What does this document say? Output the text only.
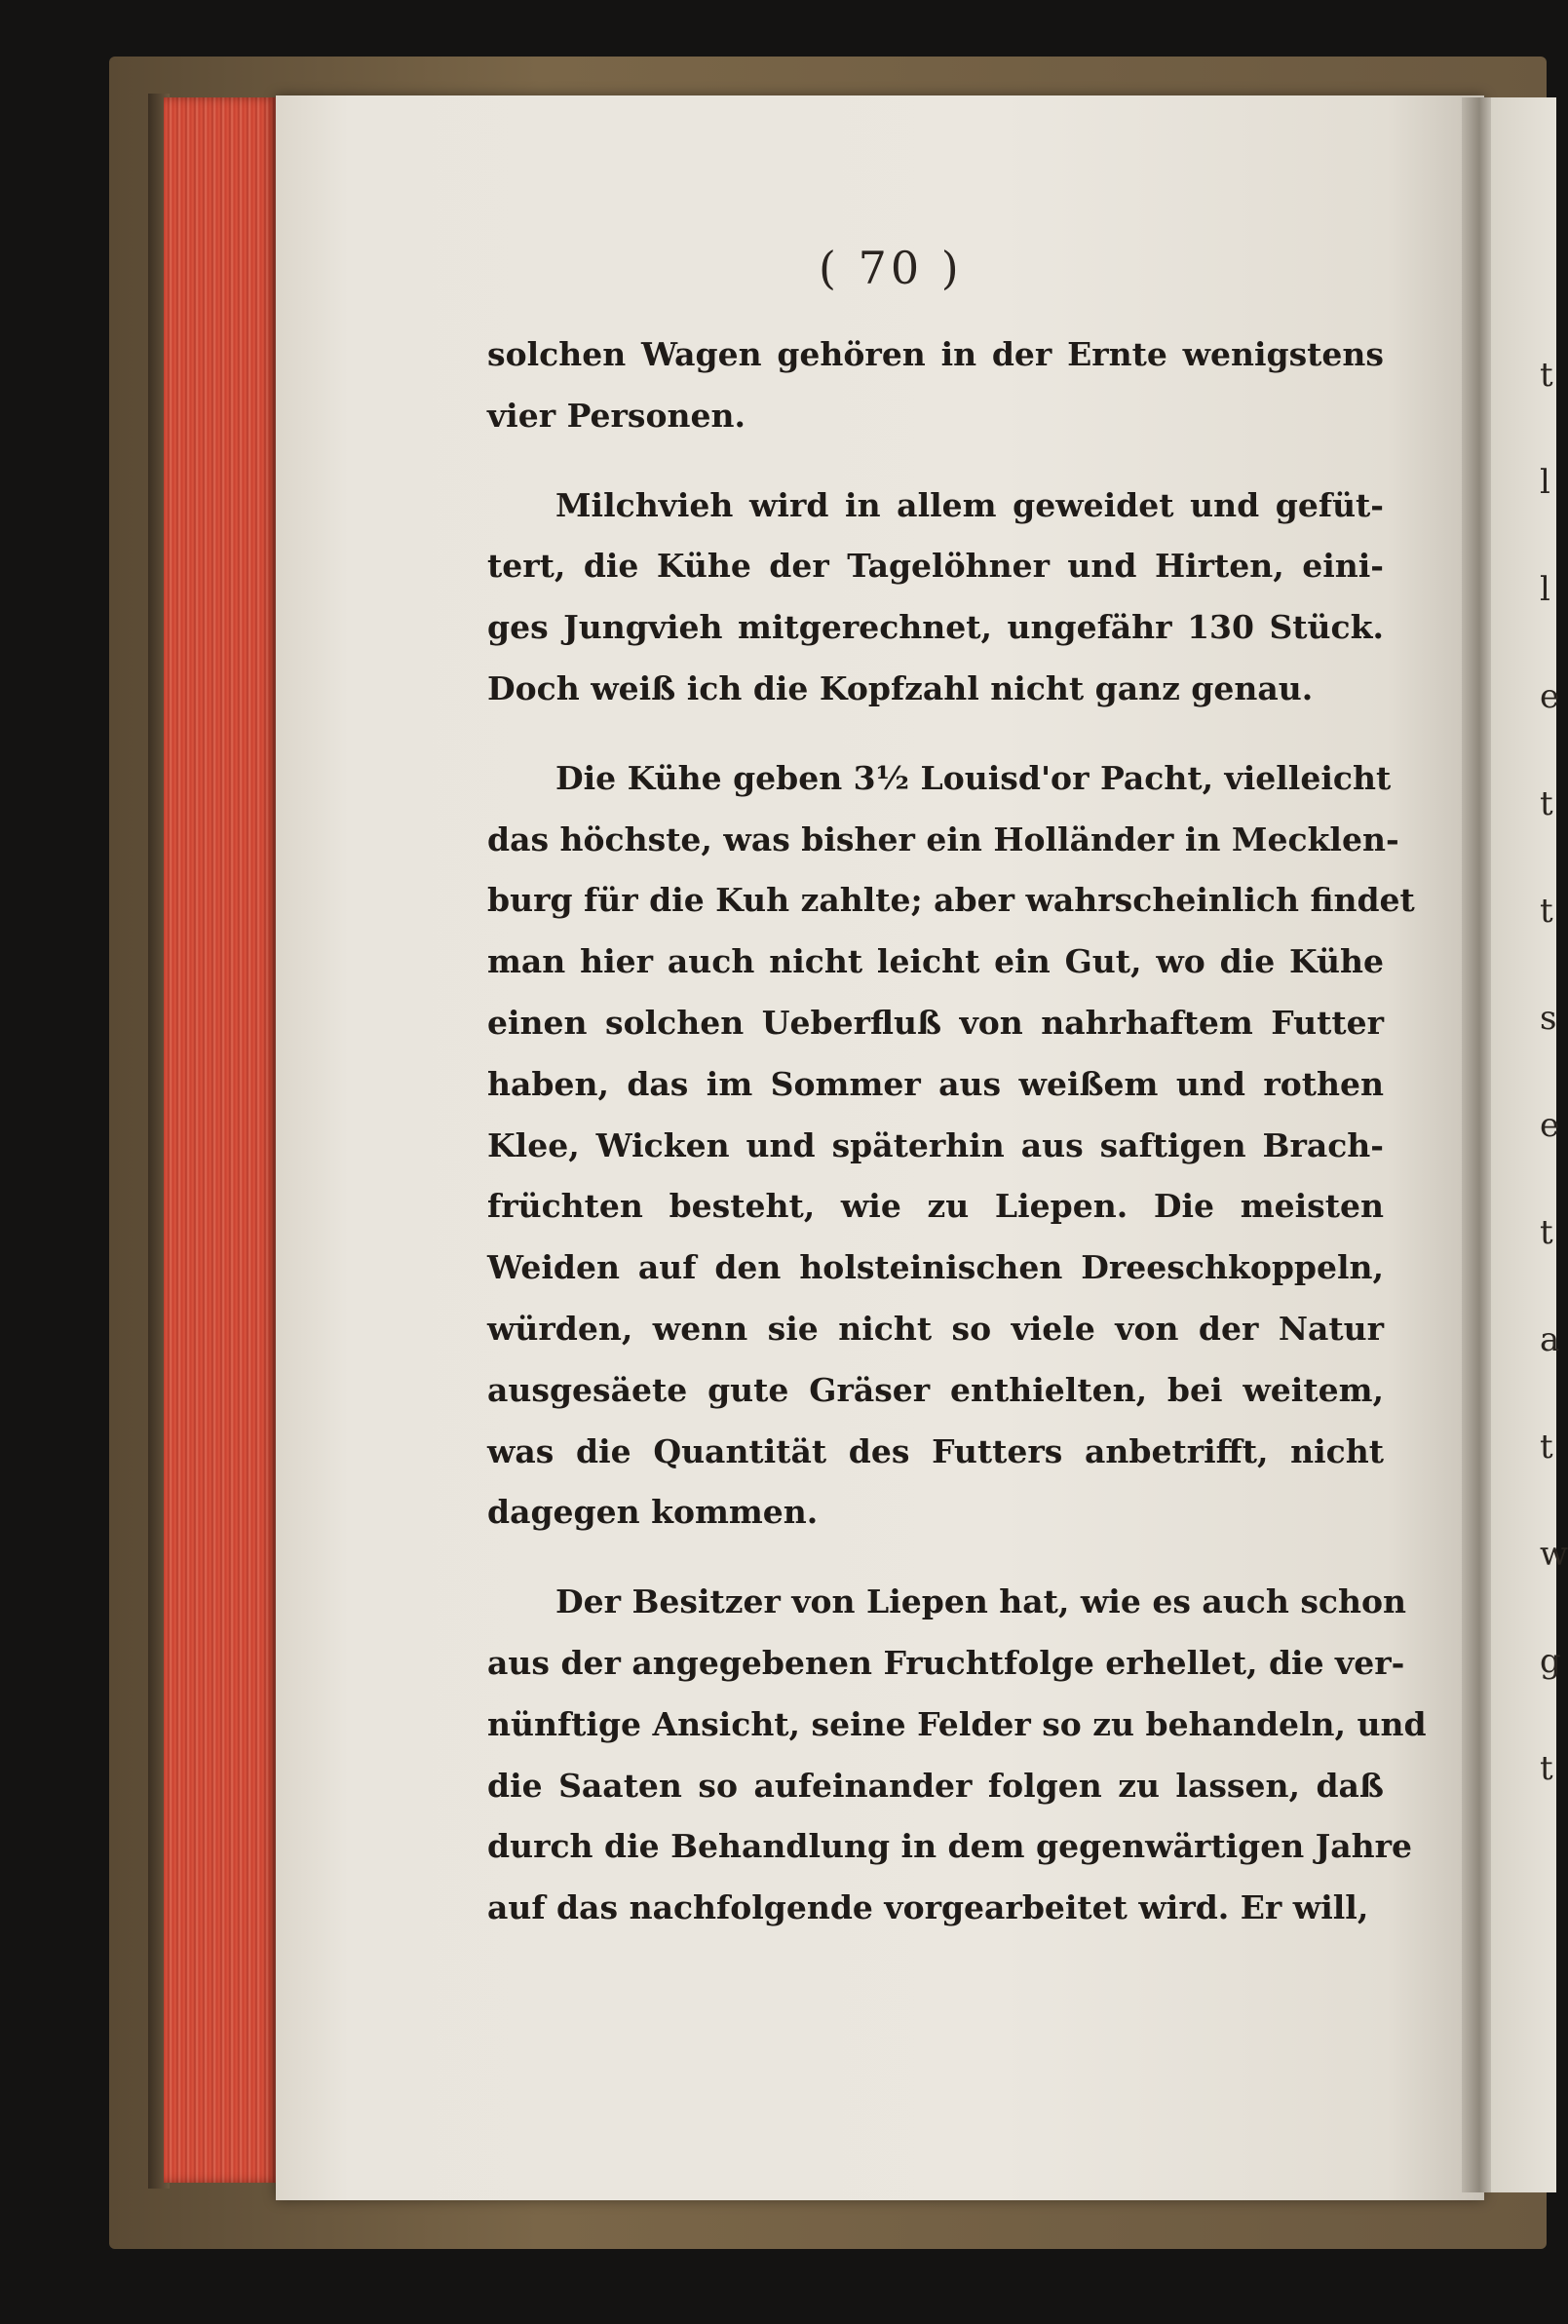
t
l
l
e
t
t
s
e
t
a
t
w
g
t
( 70 )
solchen Wagen gehören in der Ernte wenigstens
vier Personen.
Milchvieh wird in allem geweidet und gefüt-
tert, die Kühe der Tagelöhner und Hirten, eini-
ges Jungvieh mitgerechnet, ungefähr 130 Stück.
Doch weiß ich die Kopfzahl nicht ganz genau.
Die Kühe geben 3½ Louisd'or Pacht, vielleicht
das höchste, was bisher ein Holländer in Mecklen-
burg für die Kuh zahlte; aber wahrscheinlich findet
man hier auch nicht leicht ein Gut, wo die Kühe
einen solchen Ueberfluß von nahrhaftem Futter
haben, das im Sommer aus weißem und rothen
Klee, Wicken und späterhin aus saftigen Brach-
früchten besteht, wie zu Liepen. Die meisten
Weiden auf den holsteinischen Dreeschkoppeln,
würden, wenn sie nicht so viele von der Natur
ausgesäete gute Gräser enthielten, bei weitem,
was die Quantität des Futters anbetrifft, nicht
dagegen kommen.
Der Besitzer von Liepen hat, wie es auch schon
aus der angegebenen Fruchtfolge erhellet, die ver-
nünftige Ansicht, seine Felder so zu behandeln, und
die Saaten so aufeinander folgen zu lassen, daß
durch die Behandlung in dem gegenwärtigen Jahre
auf das nachfolgende vorgearbeitet wird. Er will,
